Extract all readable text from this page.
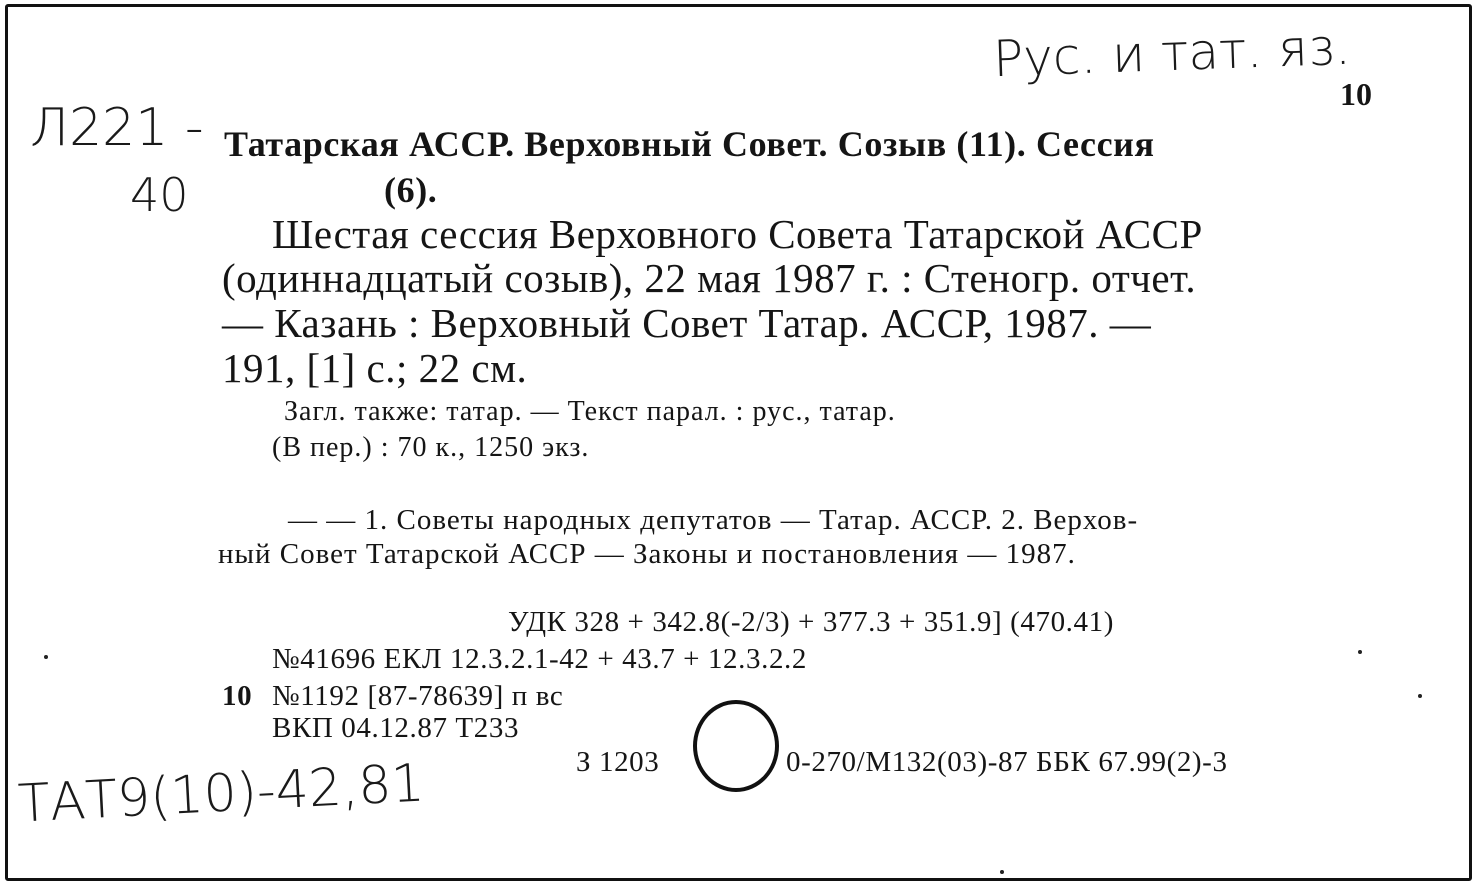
Рус. и тат. яз.
Л221 -
40
ТАТ9(10)-42,81
10
Татарская АССР. Верховный Совет. Созыв (11). Сессия
(6).
Шестая сессия Верховного Совета Татарской АССР
(одиннадцатый созыв), 22 мая 1987 г. : Стеногр. отчет.
— Казань : Верховный Совет Татар. АССР, 1987. —
191, [1] с.; 22 см.
Загл. также: татар. — Текст парал. : рус., татар.
(В пер.) : 70 к., 1250 экз.
— — 1. Советы народных депутатов — Татар. АССР. 2. Верхов-
ный Совет Татарской АССР — Законы и постановления — 1987.
УДК 328 + 342.8(-2/3) + 377.3 + 351.9] (470.41)
№41696 ЕКЛ 12.3.2.1-42 + 43.7 + 12.3.2.2
10 №1192 [87-78639] п вс
ВКП 04.12.87 Т233
З 1203	0-270/М132(03)-87 ББК 67.99(2)-3
